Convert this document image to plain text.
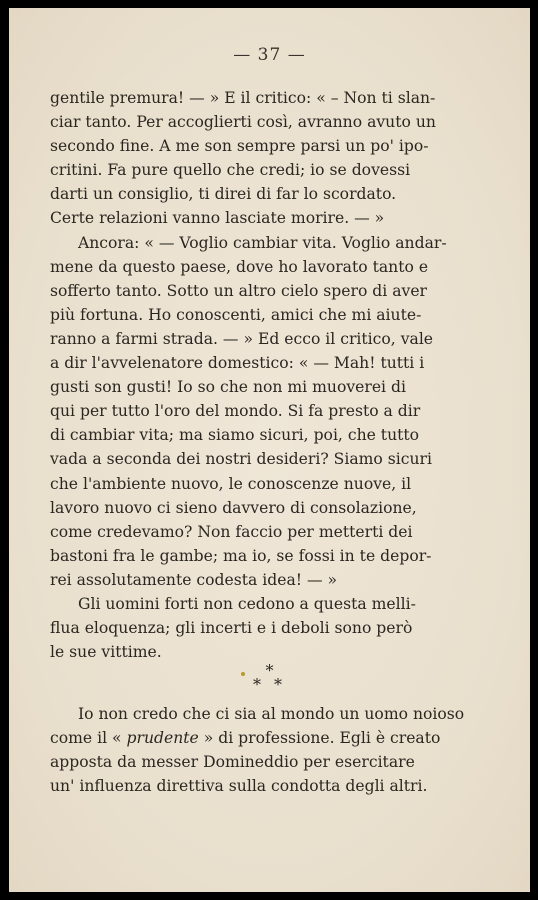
— 37 —

gentile premura! — » E il critico: « – Non ti slan-
ciar tanto. Per accoglierti così, avranno avuto un
secondo fine. A me son sempre parsi un po' ipo-
critini. Fa pure quello che credi; io se dovessi
darti un consiglio, ti direi di far lo scordato.
Certe relazioni vanno lasciate morire. — »

Ancora: « — Voglio cambiar vita. Voglio andar-
mene da questo paese, dove ho lavorato tanto e
sofferto tanto. Sotto un altro cielo spero di aver
più fortuna. Ho conoscenti, amici che mi aiute-
ranno a farmi strada. — » Ed ecco il critico, vale
a dir l'avvelenatore domestico: « — Mah! tutti i
gusti son gusti! Io so che non mi muoverei di
qui per tutto l'oro del mondo. Si fa presto a dir
di cambiar vita; ma siamo sicuri, poi, che tutto
vada a seconda dei nostri desideri? Siamo sicuri
che l'ambiente nuovo, le conoscenze nuove, il
lavoro nuovo ci sieno davvero di consolazione,
come credevamo? Non faccio per metterti dei
bastoni fra le gambe; ma io, se fossi in te depor-
rei assolutamente codesta idea! — »

Gli uomini forti non cedono a questa melli-
flua eloquenza; gli incerti e i deboli sono però
le sue vittime.

*
* *

Io non credo che ci sia al mondo un uomo noioso
come il « prudente » di professione. Egli è creato
apposta da messer Domineddio per esercitare
un' influenza direttiva sulla condotta degli altri.
